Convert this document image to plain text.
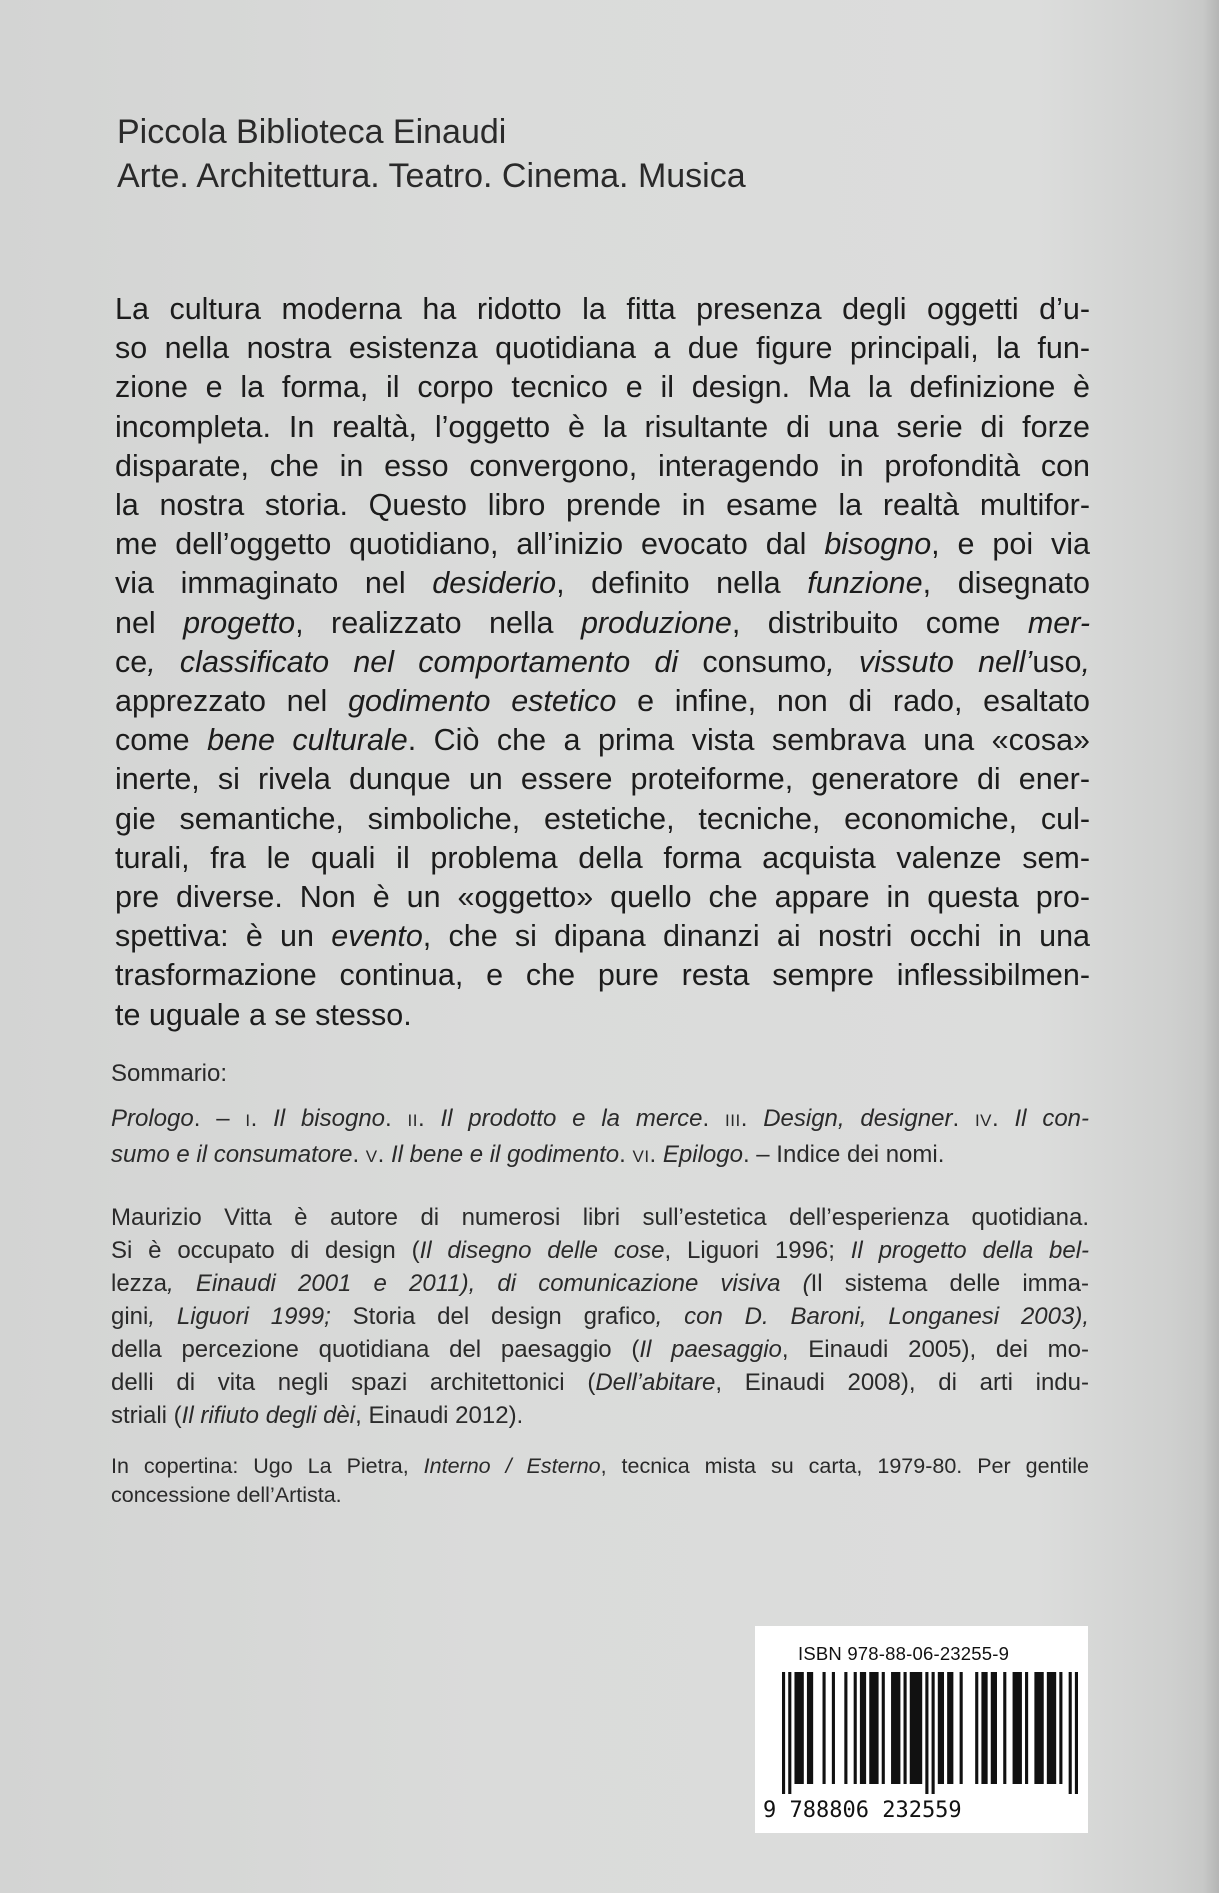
Piccola Biblioteca Einaudi
Arte. Architettura. Teatro. Cinema. Musica
La cultura moderna ha ridotto la fitta presenza degli oggetti d’u-
so nella nostra esistenza quotidiana a due figure principali, la fun-
zione e la forma, il corpo tecnico e il design. Ma la definizione è
incompleta. In realtà, l’oggetto è la risultante di una serie di forze
disparate, che in esso convergono, interagendo in profondità con
la nostra storia. Questo libro prende in esame la realtà multifor-
me dell’oggetto quotidiano, all’inizio evocato dal bisogno, e poi via
via immaginato nel desiderio, definito nella funzione, disegnato
nel progetto, realizzato nella produzione, distribuito come mer-
ce, classificato nel comportamento di consumo, vissuto nell’uso,
apprezzato nel godimento estetico e infine, non di rado, esaltato
come bene culturale. Ciò che a prima vista sembrava una «cosa»
inerte, si rivela dunque un essere proteiforme, generatore di ener-
gie semantiche, simboliche, estetiche, tecniche, economiche, cul-
turali, fra le quali il problema della forma acquista valenze sem-
pre diverse. Non è un «oggetto» quello che appare in questa pro-
spettiva: è un evento, che si dipana dinanzi ai nostri occhi in una
trasformazione continua, e che pure resta sempre inflessibilmen-
te uguale a se stesso.
Sommario:
Prologo. – I. Il bisogno. II. Il prodotto e la merce. III. Design, designer. IV. Il con-
sumo e il consumatore. V. Il bene e il godimento. VI. Epilogo. – Indice dei nomi.
Maurizio Vitta è autore di numerosi libri sull’estetica dell’esperienza quotidiana.
Si è occupato di design (Il disegno delle cose, Liguori 1996; Il progetto della bel-
lezza, Einaudi 2001 e 2011), di comunicazione visiva (Il sistema delle imma-
gini, Liguori 1999; Storia del design grafico, con D. Baroni, Longanesi 2003),
della percezione quotidiana del paesaggio (Il paesaggio, Einaudi 2005), dei mo-
delli di vita negli spazi architettonici (Dell’abitare, Einaudi 2008), di arti indu-
striali (Il rifiuto degli dèi, Einaudi 2012).
In copertina: Ugo La Pietra, Interno / Esterno, tecnica mista su carta, 1979-80. Per gentile
concessione dell’Artista.
ISBN 978-88-06-23255-9
9 788806 232559
